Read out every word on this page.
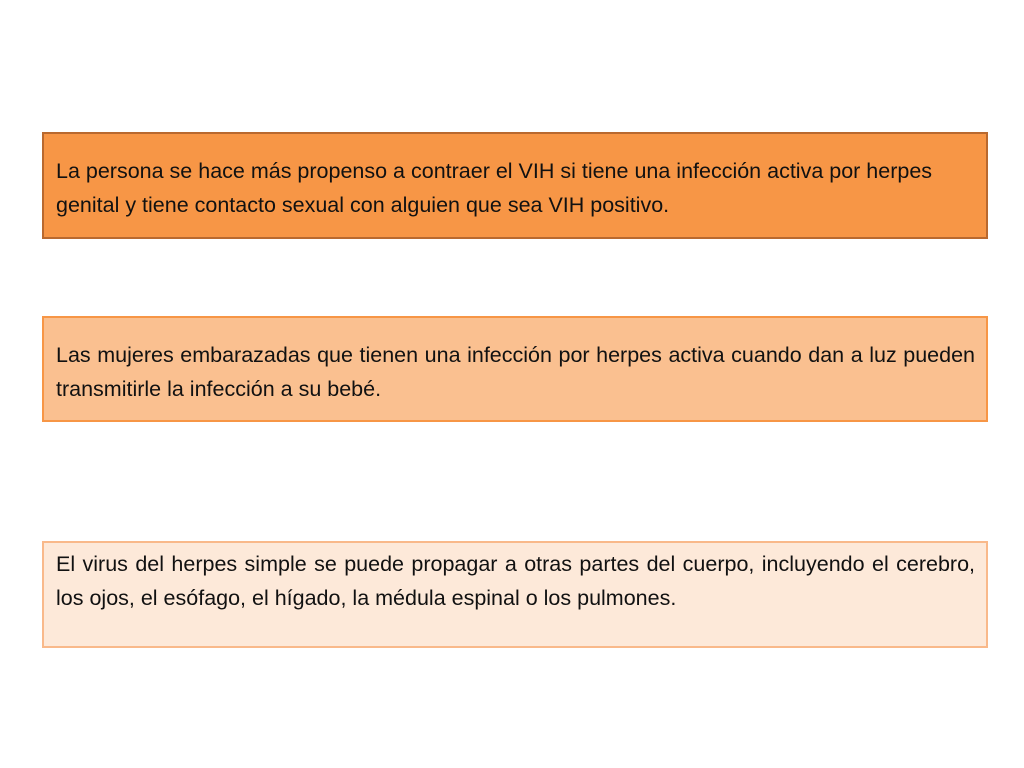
La persona se hace más propenso a contraer el VIH si tiene una infección activa por herpes genital y tiene contacto sexual con alguien que sea VIH positivo.
Las mujeres embarazadas que tienen una infección por herpes activa cuando dan a luz pueden transmitirle la infección a su bebé.
El virus del herpes simple se puede propagar a otras partes del cuerpo, incluyendo el cerebro, los ojos, el esófago, el hígado, la médula espinal o los pulmones.
